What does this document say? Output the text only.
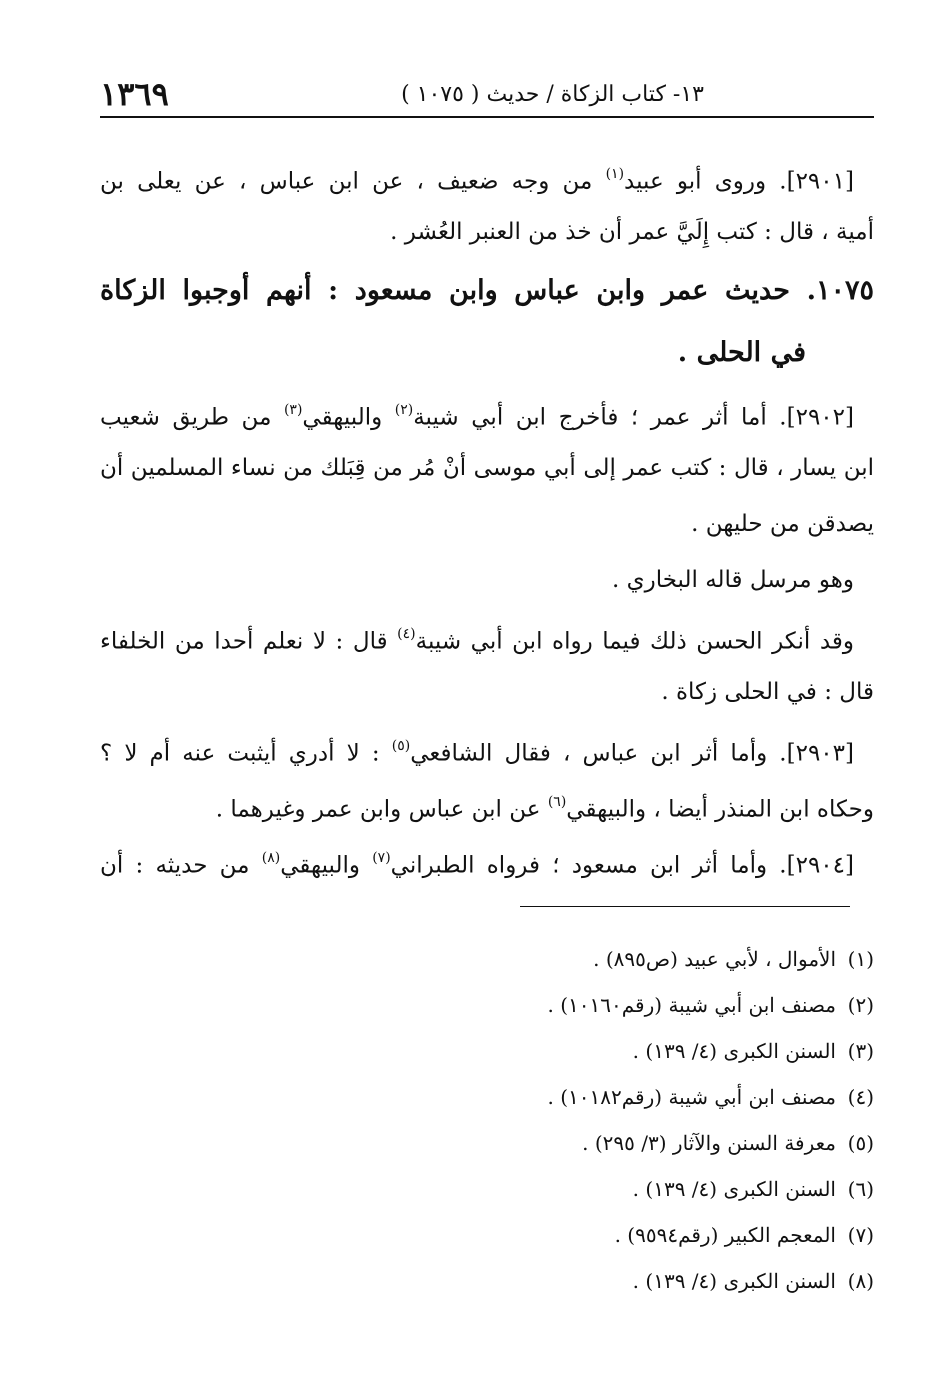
١٣- كتاب الزكاة / حديث ( ١٠٧٥ )
١٣٦٩
[٢٩٠١]. وروى أبو عبيد$^{(١)}$ من وجه ضعيف ، عن ابن عباس ، عن يعلى بن
أمية ، قال : كتب إِلَيَّ عمر أن خذ من العنبر العُشر .
١٠٧٥. حديث عمر وابن عباس وابن مسعود : أنهم أوجبوا الزكاة
في الحلى .
[٢٩٠٢]. أما أثر عمر ؛ فأخرج ابن أبي شيبة$^{(٢)}$ والبيهقي$^{(٣)}$ من طريق شعيب
ابن يسار ، قال : كتب عمر إلى أبي موسى أنْ مُر من قِبَلك من نساء المسلمين أن
يصدقن من حليهن .
وهو مرسل قاله البخاري .
وقد أنكر الحسن ذلك فيما رواه ابن أبي شيبة$^{(٤)}$ قال : لا نعلم أحدا من الخلفاء
قال : في الحلى زكاة .
[٢٩٠٣]. وأما أثر ابن عباس ، فقال الشافعي$^{(٥)}$ : لا أدري أيثبت عنه أم لا ؟
وحكاه ابن المنذر أيضا ، والبيهقي$^{(٦)}$ عن ابن عباس وابن عمر وغيرهما .
[٢٩٠٤]. وأما أثر ابن مسعود ؛ فرواه الطبراني$^{(٧)}$ والبيهقي$^{(٨)}$ من حديثه : أن
(١)الأموال ، لأبي عبيد (ص٨٩٥) .
(٢)مصنف ابن أبي شيبة (رقم١٠١٦٠) .
(٣)السنن الكبرى (٤/ ١٣٩) .
(٤)مصنف ابن أبي شيبة (رقم١٠١٨٢) .
(٥)معرفة السنن والآثار (٣/ ٢٩٥) .
(٦)السنن الكبرى (٤/ ١٣٩) .
(٧)المعجم الكبير (رقم٩٥٩٤) .
(٨)السنن الكبرى (٤/ ١٣٩) .
